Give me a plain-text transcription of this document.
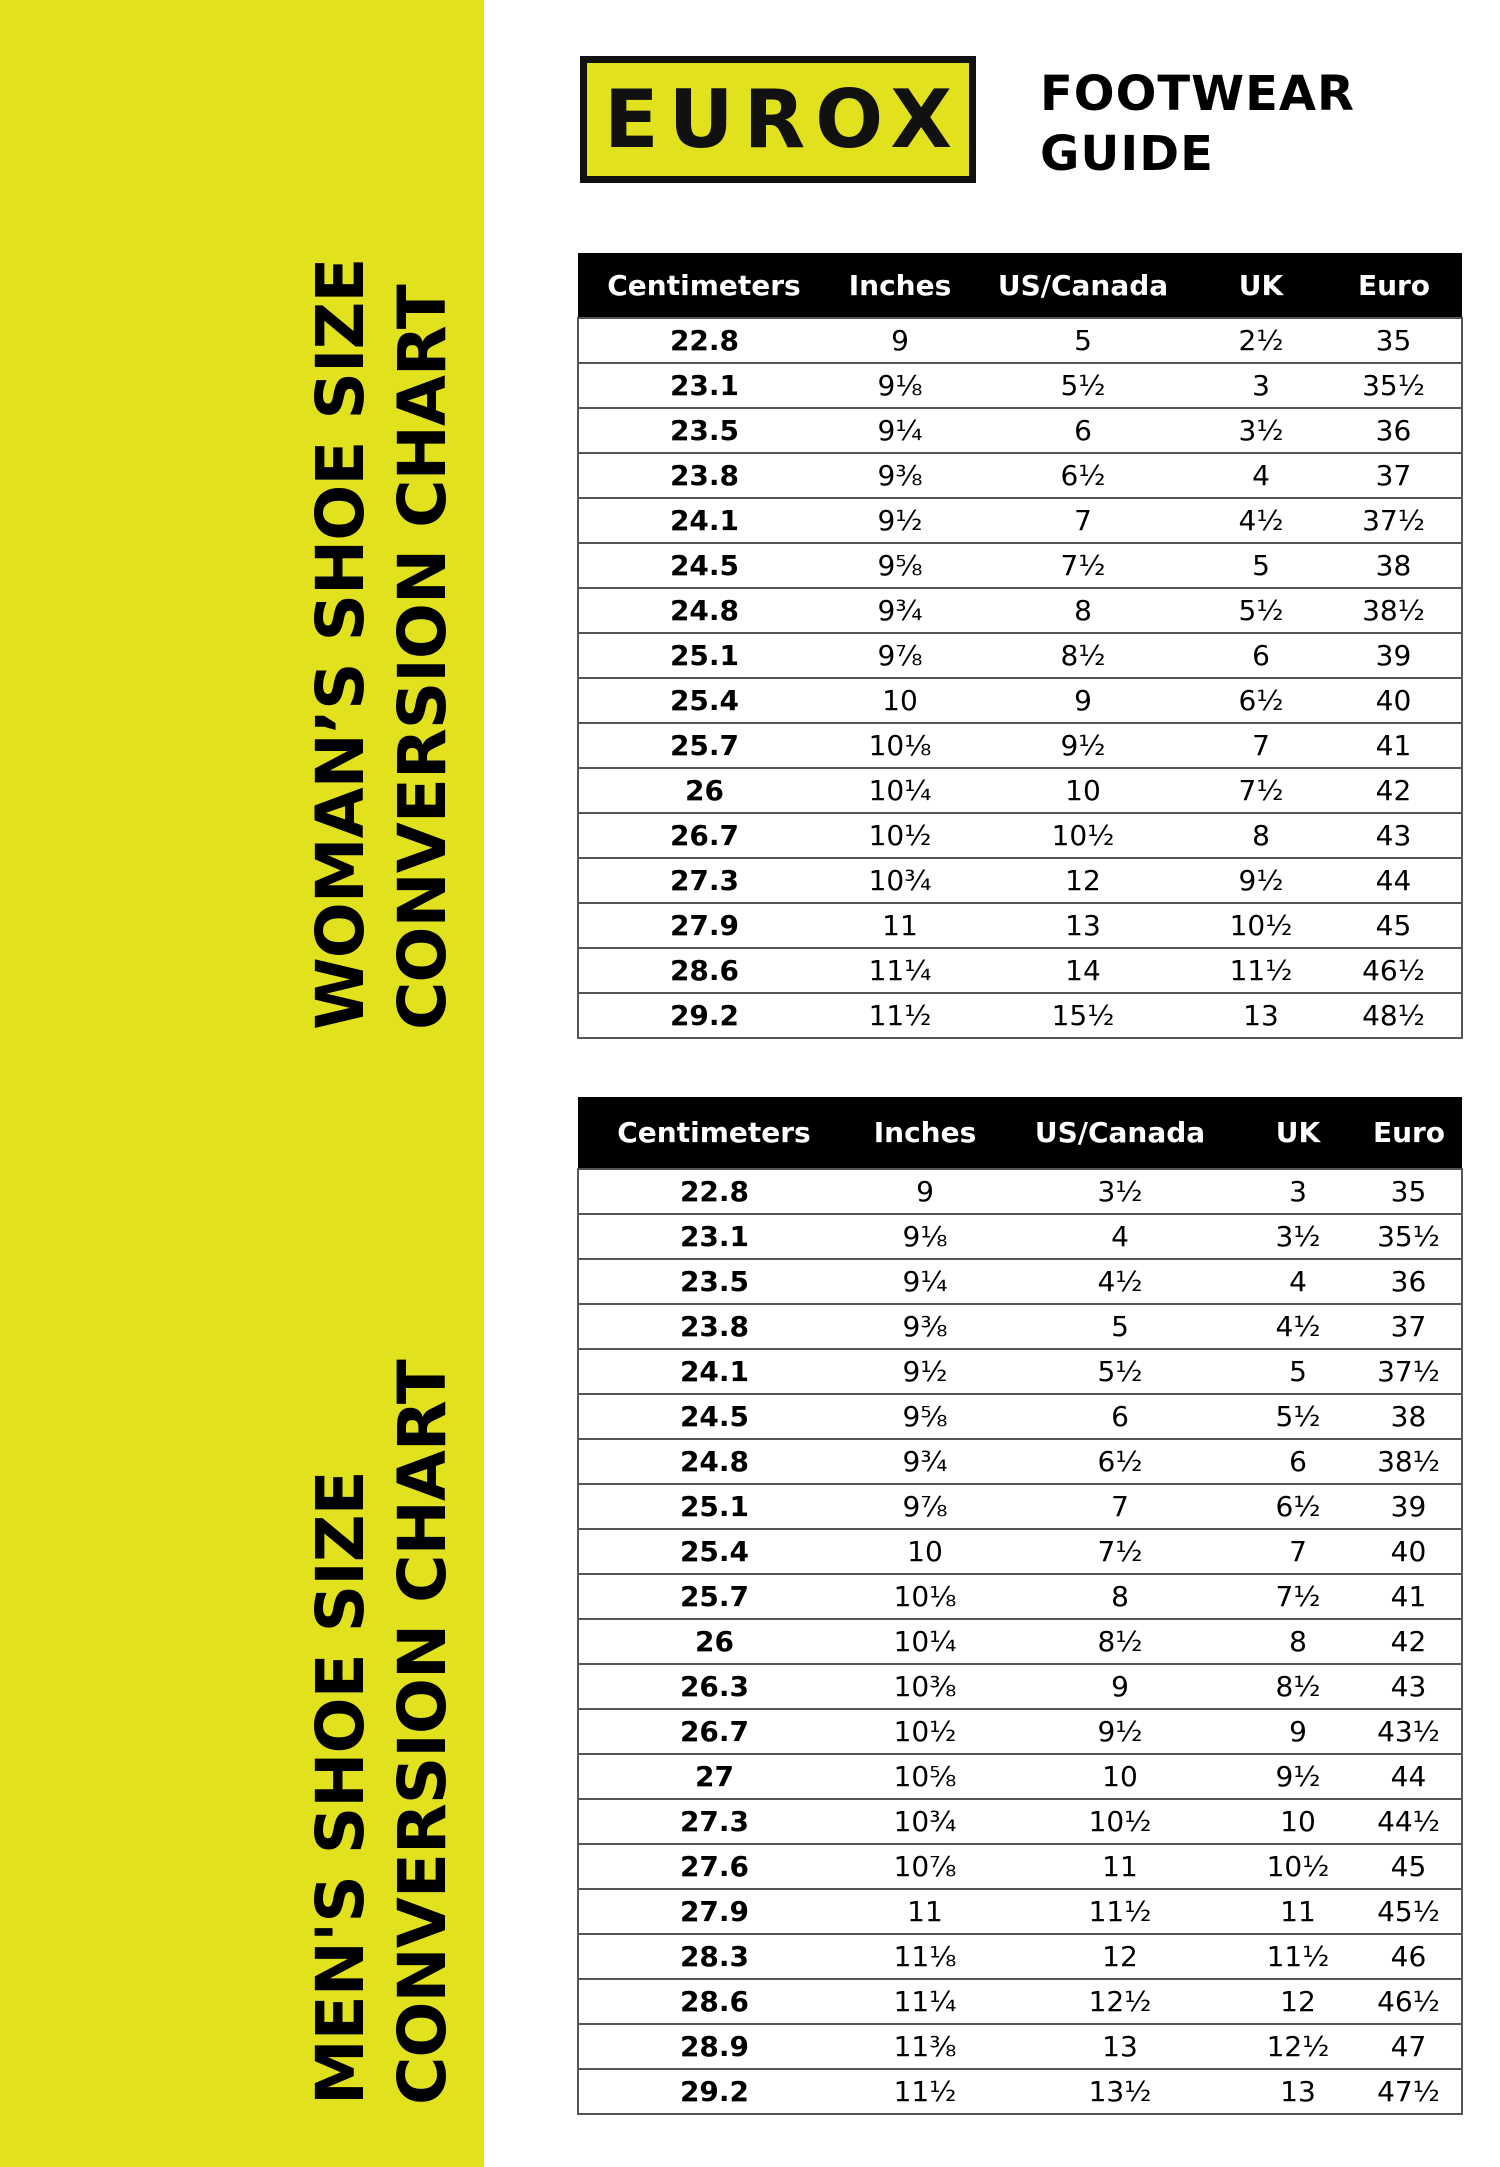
WOMAN’S SHOE SIZE CONVERSION CHART
MEN'S SHOE SIZE CONVERSION CHART
EUROX FOOTWEAR
GUIDE
Centimeters	Inches	US/Canada	UK	Euro
22.8	9	5	2½	35
23.1	9⅛	5½	3	35½
23.5	9¼	6	3½	36
23.8	9⅜	6½	4	37
24.1	9½	7	4½	37½
24.5	9⅝	7½	5	38
24.8	9¾	8	5½	38½
25.1	9⅞	8½	6	39
25.4	10	9	6½	40
25.7	10⅛	9½	7	41
26	10¼	10	7½	42
26.7	10½	10½	8	43
27.3	10¾	12	9½	44
27.9	11	13	10½	45
28.6	11¼	14	11½	46½
29.2	11½	15½	13	48½
Centimeters	Inches	US/Canada	UK	Euro
22.8	9	3½	3	35
23.1	9⅛	4	3½	35½
23.5	9¼	4½	4	36
23.8	9⅜	5	4½	37
24.1	9½	5½	5	37½
24.5	9⅝	6	5½	38
24.8	9¾	6½	6	38½
25.1	9⅞	7	6½	39
25.4	10	7½	7	40
25.7	10⅛	8	7½	41
26	10¼	8½	8	42
26.3	10⅜	9	8½	43
26.7	10½	9½	9	43½
27	10⅝	10	9½	44
27.3	10¾	10½	10	44½
27.6	10⅞	11	10½	45
27.9	11	11½	11	45½
28.3	11⅛	12	11½	46
28.6	11¼	12½	12	46½
28.9	11⅜	13	12½	47
29.2	11½	13½	13	47½
